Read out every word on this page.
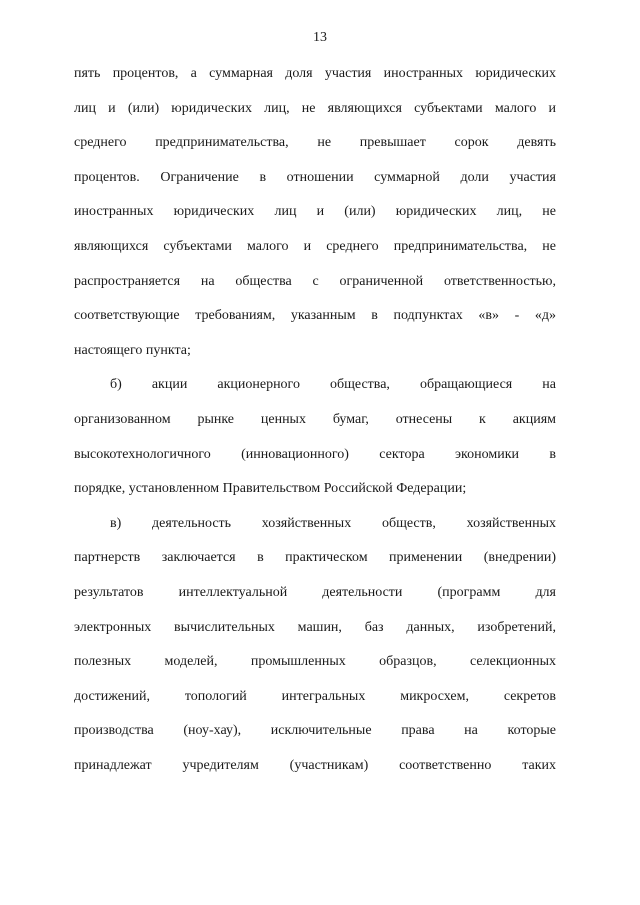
13
пять процентов, а суммарная доля участия иностранных юридических
лиц и (или) юридических лиц, не являющихся субъектами малого и
среднего предпринимательства, не превышает сорок девять
процентов. Ограничение в отношении суммарной доли участия
иностранных юридических лиц и (или) юридических лиц, не
являющихся субъектами малого и среднего предпринимательства, не
распространяется на общества с ограниченной ответственностью,
соответствующие требованиям, указанным в подпунктах «в» - «д»
настоящего пункта;
б) акции акционерного общества, обращающиеся на
организованном рынке ценных бумаг, отнесены к акциям
высокотехнологичного (инновационного) сектора экономики в
порядке, установленном Правительством Российской Федерации;
в) деятельность хозяйственных обществ, хозяйственных
партнерств заключается в практическом применении (внедрении)
результатов интеллектуальной деятельности (программ для
электронных вычислительных машин, баз данных, изобретений,
полезных моделей, промышленных образцов, селекционных
достижений, топологий интегральных микросхем, секретов
производства (ноу-хау), исключительные права на которые
принадлежат учредителям (участникам) соответственно таких
